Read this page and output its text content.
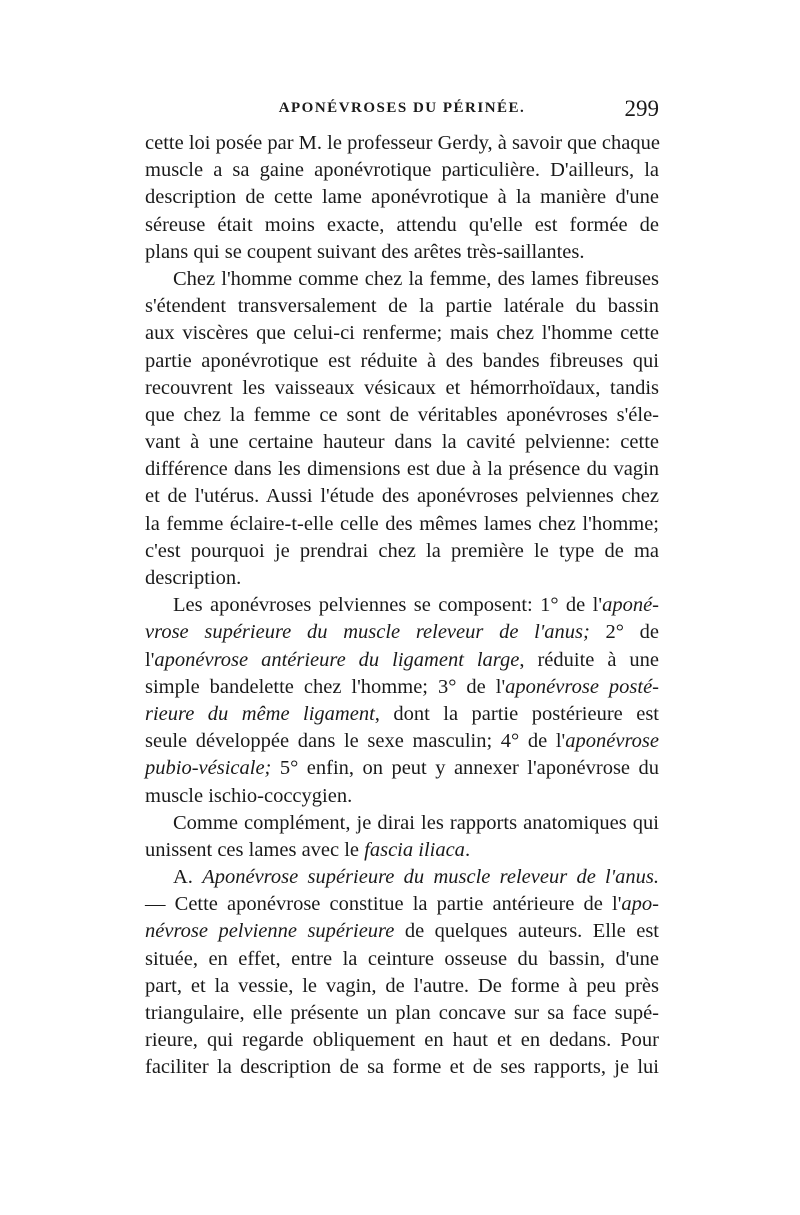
APONÉVROSES DU PÉRINÉE.	299
cette loi posée par M. le professeur Gerdy, à savoir que chaque
muscle a sa gaine aponévrotique particulière. D'ailleurs, la
description de cette lame aponévrotique à la manière d'une
séreuse était moins exacte, attendu qu'elle est formée de
plans qui se coupent suivant des arêtes très-saillantes.
Chez l'homme comme chez la femme, des lames fibreuses
s'étendent transversalement de la partie latérale du bassin
aux viscères que celui-ci renferme; mais chez l'homme cette
partie aponévrotique est réduite à des bandes fibreuses qui
recouvrent les vaisseaux vésicaux et hémorrhoïdaux, tandis
que chez la femme ce sont de véritables aponévroses s'éle-
vant à une certaine hauteur dans la cavité pelvienne: cette
différence dans les dimensions est due à la présence du vagin
et de l'utérus. Aussi l'étude des aponévroses pelviennes chez
la femme éclaire-t-elle celle des mêmes lames chez l'homme;
c'est pourquoi je prendrai chez la première le type de ma
description.
Les aponévroses pelviennes se composent: 1° de l'aponé-
vrose supérieure du muscle releveur de l'anus; 2° de
l'aponévrose antérieure du ligament large, réduite à une
simple bandelette chez l'homme; 3° de l'aponévrose posté-
rieure du même ligament, dont la partie postérieure est
seule développée dans le sexe masculin; 4° de l'aponévrose
pubio-vésicale; 5° enfin, on peut y annexer l'aponévrose du
muscle ischio-coccygien.
Comme complément, je dirai les rapports anatomiques qui
unissent ces lames avec le fascia iliaca.
A. Aponévrose supérieure du muscle releveur de l'anus.
— Cette aponévrose constitue la partie antérieure de l'apo-
névrose pelvienne supérieure de quelques auteurs. Elle est
située, en effet, entre la ceinture osseuse du bassin, d'une
part, et la vessie, le vagin, de l'autre. De forme à peu près
triangulaire, elle présente un plan concave sur sa face supé-
rieure, qui regarde obliquement en haut et en dedans. Pour
faciliter la description de sa forme et de ses rapports, je lui
